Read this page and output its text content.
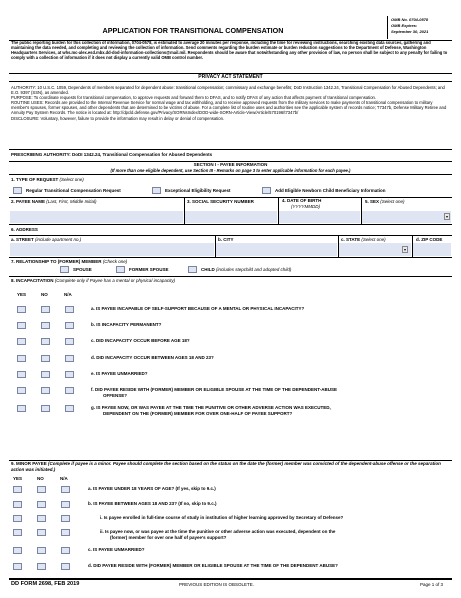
APPLICATION FOR TRANSITIONAL COMPENSATION
OMB No. 0704-0578
OMB Expires:
September 30, 2021
The public reporting burden for this collection of information, 0704-0578, is estimated to average 20 minutes per response, including the time for reviewing instructions, searching existing data sources, gathering and maintaining the data needed, and completing and reviewing the collection of information. Send comments regarding the burden estimate or burden reduction suggestions to the Department of Defense, Washington Headquarters Services, at whs.mc-alex.esd.mbx.dd-dod-information-collections@mail.mil. Respondents should be aware that notwithstanding any other provision of law, no person shall be subject to any penalty for failing to comply with a collection of information if it does not display a currently valid OMB control number.
PRIVACY ACT STATEMENT
AUTHORITY: 10 U.S.C. 1059, Dependents of members separated for dependent abuse: transitional compensation; commissary and exchange benefits; DoD Instruction 1342.24, Transitional Compensation for Abused Dependents; and E.O. 9397 (SSN), as amended.
PURPOSE: To coordinate requests for transitional compensation, to approve requests and forward them to DFAS, and to notify DFAS of any action that affects payment of transitional compensation.
ROUTINE USES: Records are provided to the Internal Revenue Service for normal wage and tax withholding, and to receive approved requests from the military services to make payments of transitional compensation to military member's spouses, former spouses, and other dependents that are determined to be victims of abuse. For a complete list of routine uses and authorities see the applicable system of records notice; T7347b, Defense Military Retiree and Annuity Pay System Records. The notice is located at: http://dpcld.defense.gov/Privacy/SORNsIndex/DOD-wide-SORN-Article-View/Article/570196/t7347b/
DISCLOSURE: Voluntary, however, failure to provide the information may result in delay or denial of compensation.
PRESCRIBING AUTHORITY: DoDI 1342.24, Transitional Compensation for Abused Dependents
SECTION I - PAYEE INFORMATION
(If more than one eligible dependent, use Section III - Remarks on page 3 to enter applicable information for each payee.)
1. TYPE OF REQUEST (Select one)
Regular Transitional Compensation Request	Exceptional Eligibility Request	Add Eligible Newborn Child Beneficiary Information
2. PAYEE NAME (Last, First, Middle Initial)	3. SOCIAL SECURITY NUMBER	4. DATE OF BIRTH
(YYYYMMDD)
5. SEX (Select one)
▾
6. ADDRESS
a. STREET (include apartment no.)	b. CITY	c. STATE (Select one)
▾
d. ZIP CODE
7. RELATIONSHIP TO (FORMER) MEMBER (Check one)
SPOUSE	FORMER SPOUSE	CHILD (includes stepchild and adopted child)
8. INCAPACITATION (Complete only if Payee has a mental or physical incapacity)
YES	NO	N/A
a. IS PAYEE INCAPABLE OF SELF-SUPPORT BECAUSE OF A MENTAL OR PHYSICAL INCAPACITY?
b. IS INCAPACITY PERMANENT?
c. DID INCAPACITY OCCUR BEFORE AGE 18?
d. DID INCAPACITY OCCUR BETWEEN AGES 18 AND 23?
e. IS PAYEE UNMARRIED?
f. DID PAYEE RESIDE WITH (FORMER) MEMBER OR ELIGIBLE SPOUSE AT THE TIME OF THE DEPENDENT-ABUSE
OFFENSE?
g. IS PAYEE NOW, OR WAS PAYEE AT THE TIME THE PUNITIVE OR OTHER ADVERSE ACTION WAS EXECUTED,
DEPENDENT ON THE (FORMER) MEMBER FOR OVER ONE-HALF OF PAYEE SUPPORT?
9. MINOR PAYEE (Complete if payee is a minor. Payee should complete the section based on the status on the date the (former) member was convicted of the dependent-abuse offense or the separation action was initiated.)
YES	NO	N/A
a. IS PAYEE UNDER 18 YEARS OF AGE? (If yes, skip to 9.c.)
b. IS PAYEE BETWEEN AGES 18 AND 23? (If no, skip to 9.c.)
i. Is payee enrolled in full-time course of study in institution of higher learning approved by Secretary of Defense?
ii. Is payee now, or was payee at the time the punitive or other adverse action was executed, dependent on the
(former) member for over one half of payee's support?
c. IS PAYEE UNMARRIED?
d. DID PAYEE RESIDE WITH (FORMER) MEMBER OR ELIGIBLE SPOUSE AT THE TIME OF THE DEPENDENT ABUSE?
DD FORM 2698, FEB 2019	PREVIOUS EDITION IS OBSOLETE.	Page 1 of 3
